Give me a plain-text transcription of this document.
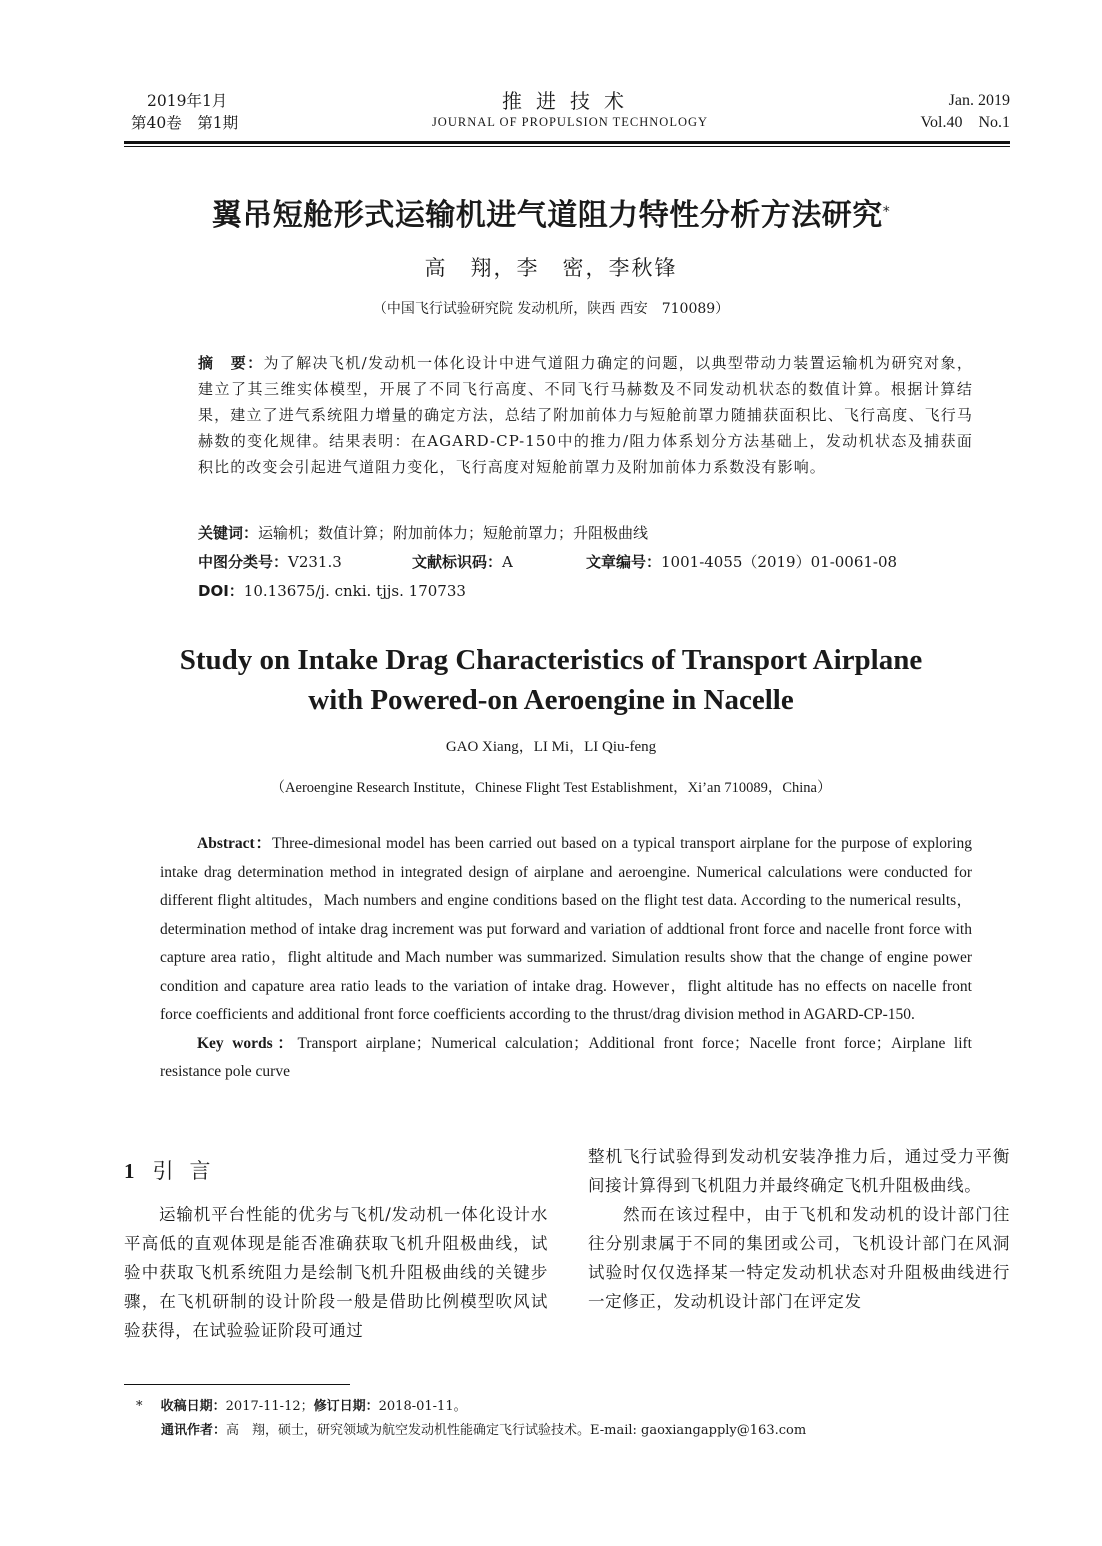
2019年1月
第40卷　第1期
推进技术
JOURNAL OF PROPULSION TECHNOLOGY
Jan. 2019
Vol.40　No.1
翼吊短舱形式运输机进气道阻力特性分析方法研究*
高　翔，李　密，李秋锋
（中国飞行试验研究院 发动机所，陕西 西安　710089）
摘　要：为了解决飞机/发动机一体化设计中进气道阻力确定的问题，以典型带动力装置运输机为研究对象，建立了其三维实体模型，开展了不同飞行高度、不同飞行马赫数及不同发动机状态的数值计算。根据计算结果，建立了进气系统阻力增量的确定方法，总结了附加前体力与短舱前罩力随捕获面积比、飞行高度、飞行马赫数的变化规律。结果表明：在AGARD-CP-150中的推力/阻力体系划分方法基础上，发动机状态及捕获面积比的改变会引起进气道阻力变化，飞行高度对短舱前罩力及附加前体力系数没有影响。
关键词：运输机；数值计算；附加前体力；短舱前罩力；升阻极曲线
中图分类号：V231.3	文献标识码：A	文章编号：1001-4055（2019）01-0061-08
DOI：10.13675/j. cnki. tjjs. 170733
Study on Intake Drag Characteristics of Transport Airplane
with Powered-on Aeroengine in Nacelle
GAO Xiang，LI Mi，LI Qiu-feng
（Aeroengine Research Institute，Chinese Flight Test Establishment，Xi’an 710089，China）

Abstract：Three-dimesional model has been carried out based on a typical transport airplane for the purpose of exploring intake drag determination method in integrated design of airplane and aeroengine. Numerical calculations were conducted for different flight altitudes，Mach numbers and engine conditions based on the flight test data. According to the numerical results，determination method of intake drag increment was put forward and variation of addtional front force and nacelle front force with capture area ratio，flight altitude and Mach number was summarized. Simulation results show that the change of engine power condition and capature area ratio leads to the variation of intake drag. However，flight altitude has no effects on nacelle front force coefficients and additional front force coefficients according to the thrust/drag division method in AGARD-CP-150.

Key words：Transport airplane；Numerical calculation；Additional front force；Nacelle front force；Airplane lift resistance pole curve

1 引言

运输机平台性能的优劣与飞机/发动机一体化设计水平高低的直观体现是能否准确获取飞机升阻极曲线，试验中获取飞机系统阻力是绘制飞机升阻极曲线的关键步骤，在飞机研制的设计阶段一般是借助比例模型吹风试验获得，在试验验证阶段可通过

整机飞行试验得到发动机安装净推力后，通过受力平衡间接计算得到飞机阻力并最终确定飞机升阻极曲线。

然而在该过程中，由于飞机和发动机的设计部门往往分别隶属于不同的集团或公司，飞机设计部门在风洞试验时仅仅选择某一特定发动机状态对升阻极曲线进行一定修正，发动机设计部门在评定发

* 收稿日期：2017-11-12；修订日期：2018-01-11。
通讯作者：高　翔，硕士，研究领域为航空发动机性能确定飞行试验技术。E-mail: gaoxiangapply@163.com
